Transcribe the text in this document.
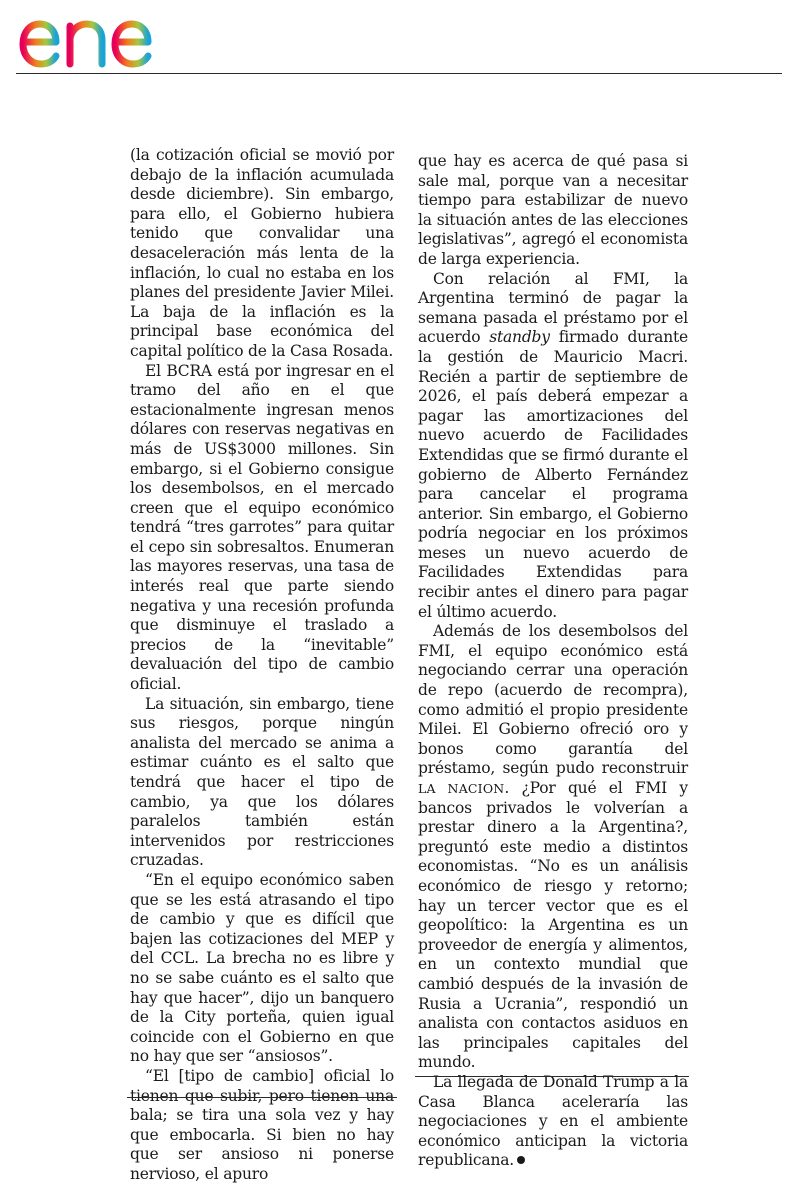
(la cotización oficial se movió por debajo de la inflación acumulada desde diciembre). Sin embargo, para ello, el Gobierno hubiera tenido que convalidar una desaceleración más lenta de la inflación, lo cual no estaba en los planes del presidente Javier Milei. La baja de la inflación es la principal base económica del capital político de la Casa Rosada.

El BCRA está por ingresar en el tramo del año en el que estacionalmente ingresan menos dólares con reservas negativas en más de US$3000 millones. Sin embargo, si el Gobierno consigue los desembolsos, en el mercado creen que el equipo económico tendrá “tres garrotes” para quitar el cepo sin sobresaltos. Enumeran las mayores reservas, una tasa de interés real que parte siendo negativa y una recesión profunda que disminuye el traslado a precios de la “inevitable” devaluación del tipo de cambio oficial.

La situación, sin embargo, tiene sus riesgos, porque ningún analista del mercado se anima a estimar cuánto es el salto que tendrá que hacer el tipo de cambio, ya que los dólares paralelos también están intervenidos por restricciones cruzadas.

“En el equipo económico saben que se les está atrasando el tipo de cambio y que es difícil que bajen las cotizaciones del MEP y del CCL. La brecha no es libre y no se sabe cuánto es el salto que hay que hacer”, dijo un banquero de la City porteña, quien igual coincide con el Gobierno en que no hay que ser “ansiosos”.

“El [tipo de cambio] oficial lo tienen que subir, pero tienen una bala; se tira una sola vez y hay que embocarla. Si bien no hay que ser ansioso ni ponerse nervioso, el apuro

que hay es acerca de qué pasa si sale mal, porque van a necesitar tiempo para estabilizar de nuevo la situación antes de las elecciones legislativas”, agregó el economista de larga experiencia.

Con relación al FMI, la Argentina terminó de pagar la semana pasada el préstamo por el acuerdo standby firmado durante la gestión de Mauricio Macri. Recién a partir de septiembre de 2026, el país deberá empezar a pagar las amortizaciones del nuevo acuerdo de Facilidades Extendidas que se firmó durante el gobierno de Alberto Fernández para cancelar el programa anterior. Sin embargo, el Gobierno podría negociar en los próximos meses un nuevo acuerdo de Facilidades Extendidas para recibir antes el dinero para pagar el último acuerdo.

Además de los desembolsos del FMI, el equipo económico está negociando cerrar una operación de repo (acuerdo de recompra), como admitió el propio presidente Milei. El Gobierno ofreció oro y bonos como garantía del préstamo, según pudo reconstruir LA NACION. ¿Por qué el FMI y bancos privados le volverían a prestar dinero a la Argentina?, preguntó este medio a distintos economistas. “No es un análisis económico de riesgo y retorno; hay un tercer vector que es el geopolítico: la Argentina es un proveedor de energía y alimentos, en un contexto mundial que cambió después de la invasión de Rusia a Ucrania”, respondió un analista con contactos asiduos en las principales capitales del mundo.

La llegada de Donald Trump a la Casa Blanca aceleraría las negociaciones y en el ambiente económico anticipan la victoria republicana.
